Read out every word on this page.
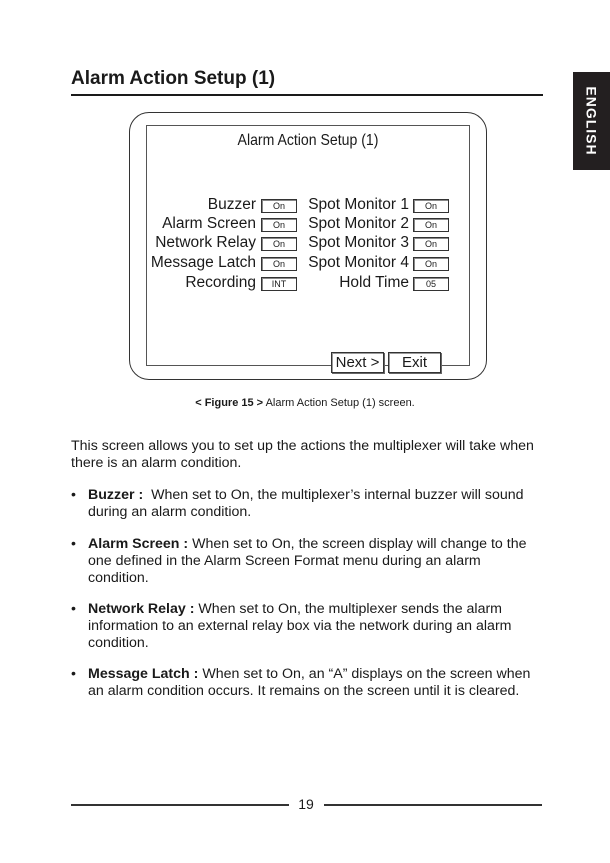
Alarm Action Setup (1)
ENGLISH
Alarm Action Setup (1)
Buzzer	On
Alarm Screen	On
Network Relay	On
Message Latch	On
Recording	INT
Spot Monitor 1	On
Spot Monitor 2	On
Spot Monitor 3	On
Spot Monitor 4	On
Hold Time	05
Next >	Exit
< Figure 15 > Alarm Action Setup (1) screen.

This screen allows you to set up the actions the multiplexer will take when there is an alarm condition.

• Buzzer : When set to On, the multiplexer’s internal buzzer will sound during an alarm condition.
• Alarm Screen : When set to On, the screen display will change to the one defined in the Alarm Screen Format menu during an alarm condition.
• Network Relay : When set to On, the multiplexer sends the alarm information to an external relay box via the network during an alarm condition.
• Message Latch : When set to On, an “A” displays on the screen when an alarm condition occurs. It remains on the screen until it is cleared.
19
